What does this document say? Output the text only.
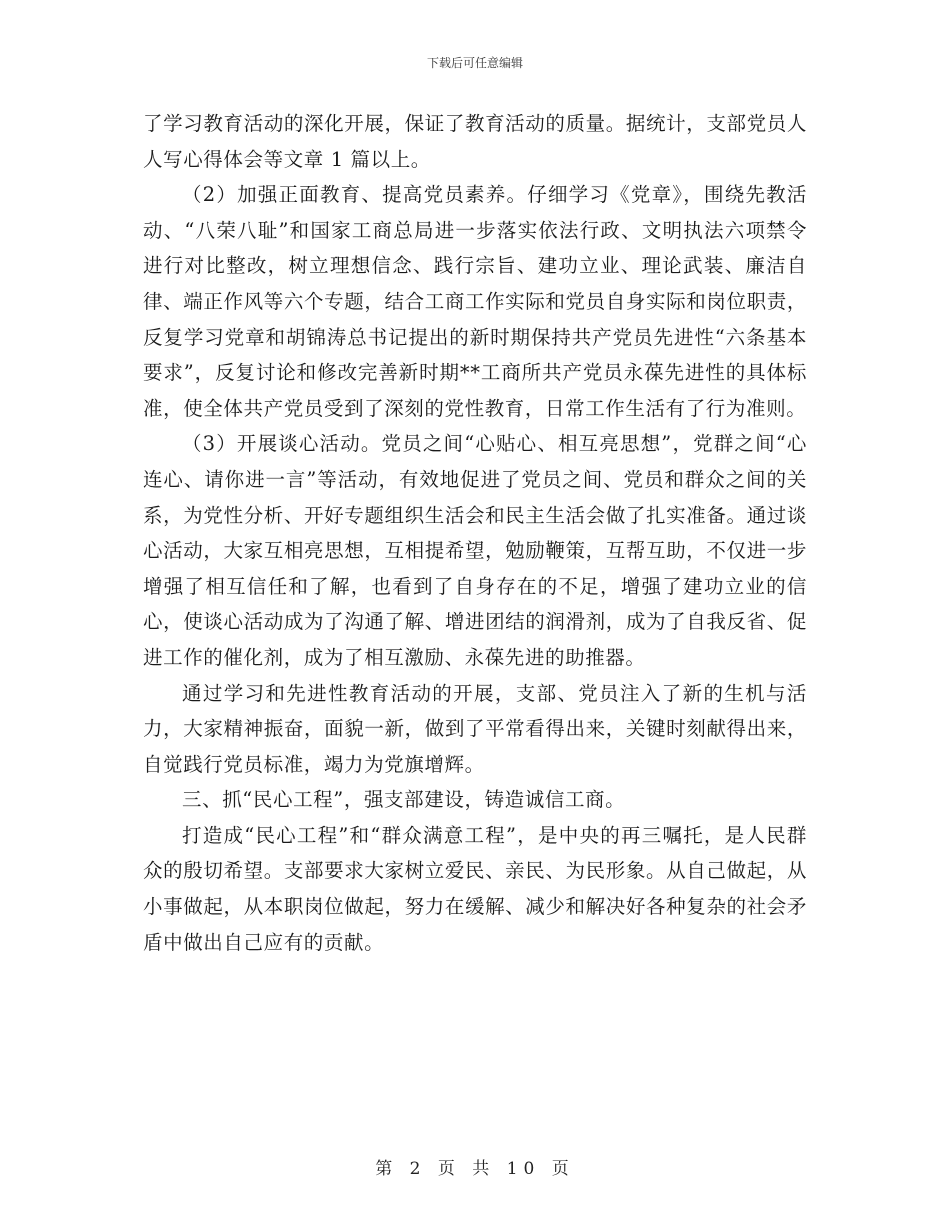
下载后可任意编辑

了学习教育活动的深化开展，保证了教育活动的质量。据统计，支部党员人人写心得体会等文章 1 篇以上。

（2）加强正面教育、提高党员素养。仔细学习《党章》，围绕先教活动、“八荣八耻”和国家工商总局进一步落实依法行政、文明执法六项禁令进行对比整改，树立理想信念、践行宗旨、建功立业、理论武装、廉洁自律、端正作风等六个专题，结合工商工作实际和党员自身实际和岗位职责，反复学习党章和胡锦涛总书记提出的新时期保持共产党员先进性“六条基本要求”，反复讨论和修改完善新时期**工商所共产党员永葆先进性的具体标准，使全体共产党员受到了深刻的党性教育，日常工作生活有了行为准则。

（3）开展谈心活动。党员之间“心贴心、相互亮思想”，党群之间“心连心、请你进一言”等活动，有效地促进了党员之间、党员和群众之间的关系，为党性分析、开好专题组织生活会和民主生活会做了扎实准备。通过谈心活动，大家互相亮思想，互相提希望，勉励鞭策，互帮互助，不仅进一步增强了相互信任和了解，也看到了自身存在的不足，增强了建功立业的信心，使谈心活动成为了沟通了解、增进团结的润滑剂，成为了自我反省、促进工作的催化剂，成为了相互激励、永葆先进的助推器。

通过学习和先进性教育活动的开展，支部、党员注入了新的生机与活力，大家精神振奋，面貌一新，做到了平常看得出来，关键时刻献得出来，自觉践行党员标准，竭力为党旗增辉。

三、抓“民心工程”，强支部建设，铸造诚信工商。

打造成“民心工程”和“群众满意工程”，是中央的再三嘱托，是人民群众的殷切希望。支部要求大家树立爱民、亲民、为民形象。从自己做起，从小事做起，从本职岗位做起，努力在缓解、减少和解决好各种复杂的社会矛盾中做出自己应有的贡献。

第 2 页 共 10 页
